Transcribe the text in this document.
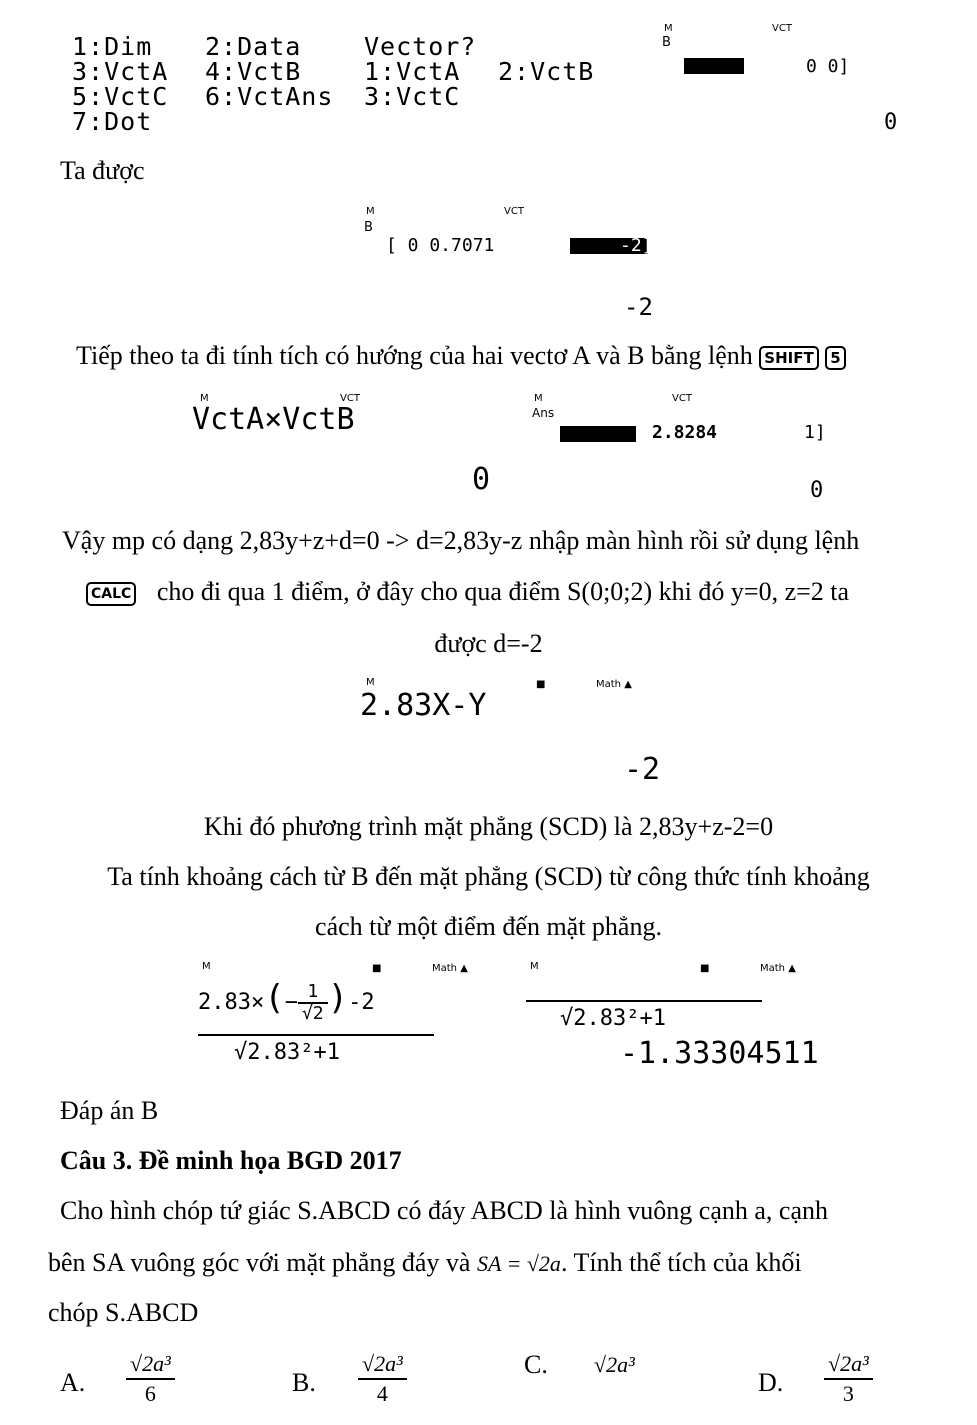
1:Dim 2:Data
3:VctA 4:VctB
5:VctC 6:VctAns
7:Dot
Vector?
1:VctA 2:VctB
3:VctC
M	VCT
B
0 0]
0
Ta được
M	VCT
B
[ 0 0.7071	-2]
-2
Tiếp theo ta đi tính tích có hướng của hai vectơ A và B bằng lệnh SHIFT 5
M	VCT
VctA×VctB
0
M	VCT
Ans
2.8284	1]
0
Vậy mp có dạng 2,83y+z+d=0 -> d=2,83y-z nhập màn hình rồi sử dụng lệnh
CALC cho đi qua 1 điểm, ở đây cho qua điểm S(0;0;2) khi đó y=0, z=2 ta
được d=-2
M	■	Math ▲
2.83X-Y
-2
Khi đó phương trình mặt phẳng (SCD) là 2,83y+z-2=0
Ta tính khoảng cách từ B đến mặt phẳng (SCD) từ công thức tính khoảng
cách từ một điểm đến mặt phẳng.
M	■	Math ▲
$2.83\times(- \frac{1}{√2} )-2$
√2.83²+1
M	■	Math ▲
√2.83²+1
-1.33304511
Đáp án B
Câu 3. Đề minh họa BGD 2017
Cho hình chóp tứ giác S.ABCD có đáy ABCD là hình vuông cạnh a, cạnh
bên SA vuông góc với mặt phẳng đáy và SA = √2a. Tính thể tích của khối
chóp S.ABCD
A. $\frac{\text{√2a³}}{6}$	B. $\frac{\text{√2a³}}{4}$	C. √2a³
D. $\frac{\text{√2a³}}{3}$
